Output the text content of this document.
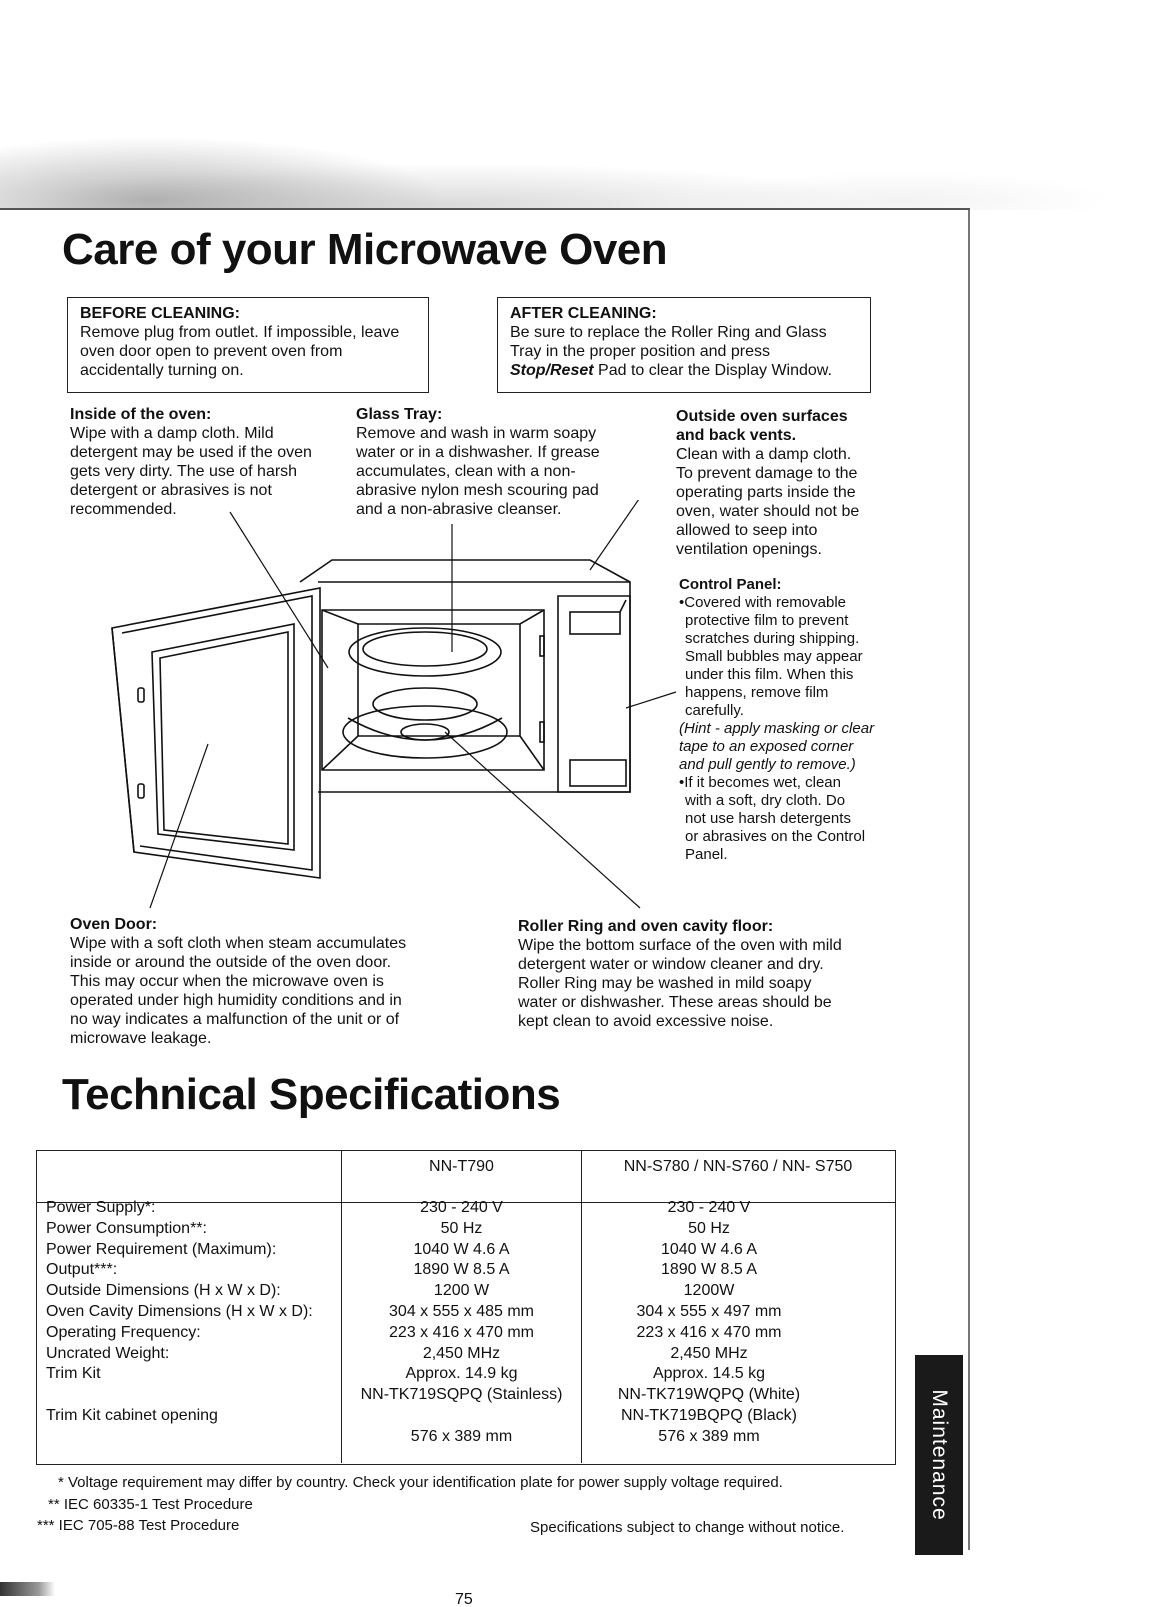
Care of your Microwave Oven
BEFORE CLEANING:
Remove plug from outlet. If impossible, leave
oven door open to prevent oven from
accidentally turning on.
AFTER CLEANING:
Be sure to replace the Roller Ring and Glass
Tray in the proper position and press
Stop/Reset Pad to clear the Display Window.
Inside of the oven:
Wipe with a damp cloth. Mild
detergent may be used if the oven
gets very dirty. The use of harsh
detergent or abrasives is not
recommended.
Glass Tray:
Remove and wash in warm soapy
water or in a dishwasher. If grease
accumulates, clean with a non-
abrasive nylon mesh scouring pad
and a non-abrasive cleanser.
Outside oven surfaces
and back vents.
Clean with a damp cloth.
To prevent damage to the
operating parts inside the
oven, water should not be
allowed to seep into
ventilation openings.
Control Panel:
•Covered with removable
protective film to prevent
scratches during shipping.
Small bubbles may appear
under this film. When this
happens, remove film
carefully.
(Hint - apply masking or clear
tape to an exposed corner
and pull gently to remove.)
•If it becomes wet, clean
with a soft, dry cloth. Do
not use harsh detergents
or abrasives on the Control
Panel.
Oven Door:
Wipe with a soft cloth when steam accumulates
inside or around the outside of the oven door.
This may occur when the microwave oven is
operated under high humidity conditions and in
no way indicates a malfunction of the unit or of
microwave leakage.
Roller Ring and oven cavity floor:
Wipe the bottom surface of the oven with mild
detergent water or window cleaner and dry.
Roller Ring may be washed in mild soapy
water or dishwasher. These areas should be
kept clean to avoid excessive noise.
Technical Specifications
NN-T790	NN-S780 / NN-S760 / NN- S750
Power Supply*:
Power Consumption**:
Power Requirement (Maximum):
Output***:
Outside Dimensions (H x W x D):
Oven Cavity Dimensions (H x W x D):
Operating Frequency:
Uncrated Weight:
Trim Kit
Trim Kit cabinet opening
230 - 240 V
50 Hz
1040 W 4.6 A
1890 W 8.5 A
1200 W
304 x 555 x 485 mm
223 x 416 x 470 mm
2,450 MHz
Approx. 14.9 kg
NN-TK719SQPQ (Stainless)
576 x 389 mm
230 - 240 V
50 Hz
1040 W 4.6 A
1890 W 8.5 A
1200W
304 x 555 x 497 mm
223 x 416 x 470 mm
2,450 MHz
Approx. 14.5 kg
NN-TK719WQPQ (White)
NN-TK719BQPQ (Black)
576 x 389 mm
* Voltage requirement may differ by country. Check your identification plate for power supply voltage required.
** IEC 60335-1 Test Procedure
*** IEC 705-88 Test Procedure	Specifications subject to change without notice.
Maintenance
75
